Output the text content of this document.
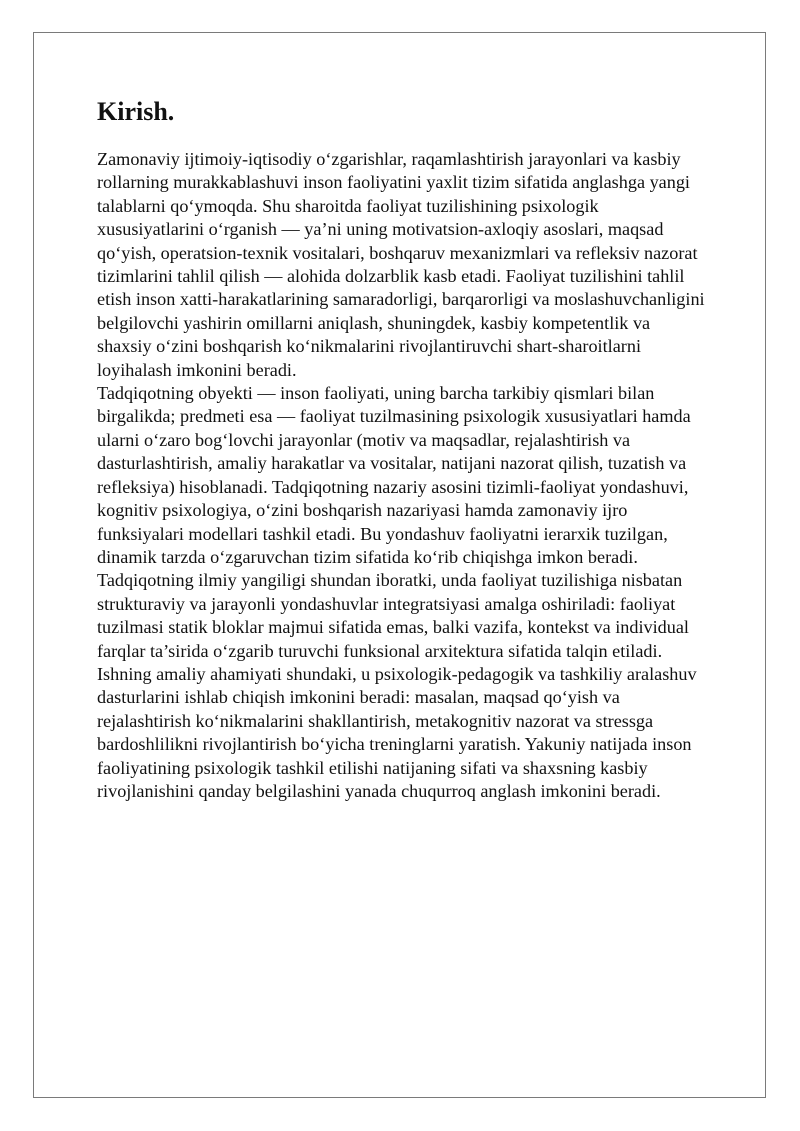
Kirish.

Zamonaviy ijtimoiy-iqtisodiy o‘zgarishlar, raqamlashtirish jarayonlari va kasbiy rollarning murakkablashuvi inson faoliyatini yaxlit tizim sifatida anglashga yangi talablarni qo‘ymoqda. Shu sharoitda faoliyat tuzilishining psixologik xususiyatlarini o‘rganish — ya’ni uning motivatsion-axloqiy asoslari, maqsad qo‘yish, operatsion-texnik vositalari, boshqaruv mexanizmlari va refleksiv nazorat tizimlarini tahlil qilish — alohida dolzarblik kasb etadi. Faoliyat tuzilishini tahlil etish inson xatti-harakatlarining samaradorligi, barqarorligi va moslashuvchanligini belgilovchi yashirin omillarni aniqlash, shuningdek, kasbiy kompetentlik va shaxsiy o‘zini boshqarish ko‘nikmalarini rivojlantiruvchi shart-sharoitlarni loyihalash imkonini beradi.

Tadqiqotning obyekti — inson faoliyati, uning barcha tarkibiy qismlari bilan birgalikda; predmeti esa — faoliyat tuzilmasining psixologik xususiyatlari hamda ularni o‘zaro bog‘lovchi jarayonlar (motiv va maqsadlar, rejalashtirish va dasturlashtirish, amaliy harakatlar va vositalar, natijani nazorat qilish, tuzatish va refleksiya) hisoblanadi. Tadqiqotning nazariy asosini tizimli-faoliyat yondashuvi, kognitiv psixologiya, o‘zini boshqarish nazariyasi hamda zamonaviy ijro funksiyalari modellari tashkil etadi. Bu yondashuv faoliyatni ierarxik tuzilgan, dinamik tarzda o‘zgaruvchan tizim sifatida ko‘rib chiqishga imkon beradi.

Tadqiqotning ilmiy yangiligi shundan iboratki, unda faoliyat tuzilishiga nisbatan strukturaviy va jarayonli yondashuvlar integratsiyasi amalga oshiriladi: faoliyat tuzilmasi statik bloklar majmui sifatida emas, balki vazifa, kontekst va individual farqlar ta’sirida o‘zgarib turuvchi funksional arxitektura sifatida talqin etiladi. Ishning amaliy ahamiyati shundaki, u psixologik-pedagogik va tashkiliy aralashuv dasturlarini ishlab chiqish imkonini beradi: masalan, maqsad qo‘yish va rejalashtirish ko‘nikmalarini shakllantirish, metakognitiv nazorat va stressga bardoshlilikni rivojlantirish bo‘yicha treninglarni yaratish. Yakuniy natijada inson faoliyatining psixologik tashkil etilishi natijaning sifati va shaxsning kasbiy rivojlanishini qanday belgilashini yanada chuqurroq anglash imkonini beradi.
